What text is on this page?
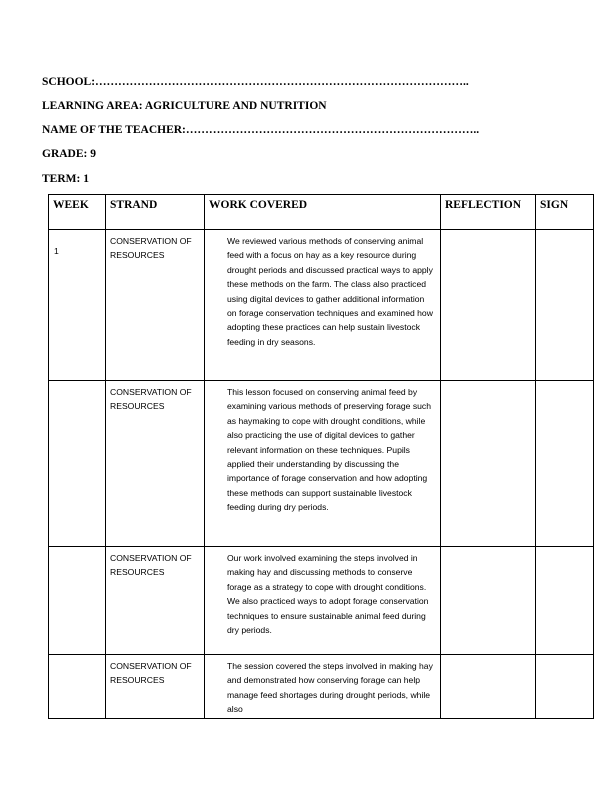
SCHOOL:……………………………………………………………………………………..
LEARNING AREA: AGRICULTURE AND NUTRITION
NAME OF THE TEACHER:…………………………………………………………………..
GRADE: 9
TERM: 1
WEEK	STRAND	WORK COVERED	REFLECTION	SIGN
1	CONSERVATION OF RESOURCES	We reviewed various methods of conserving animal feed with a focus on hay as a key resource during drought periods and discussed practical ways to apply these methods on the farm. The class also practiced using digital devices to gather additional information on forage conservation techniques and examined how adopting these practices can help sustain livestock feeding in dry seasons.		
	CONSERVATION OF RESOURCES	This lesson focused on conserving animal feed by examining various methods of preserving forage such as haymaking to cope with drought conditions, while also practicing the use of digital devices to gather relevant information on these techniques. Pupils applied their understanding by discussing the importance of forage conservation and how adopting these methods can support sustainable livestock feeding during dry periods.		
	CONSERVATION OF RESOURCES	Our work involved examining the steps involved in making hay and discussing methods to conserve forage as a strategy to cope with drought conditions. We also practiced ways to adopt forage conservation techniques to ensure sustainable animal feed during dry periods.		
	CONSERVATION OF RESOURCES	The session covered the steps involved in making hay and demonstrated how conserving forage can help manage feed shortages during drought periods, while also		
